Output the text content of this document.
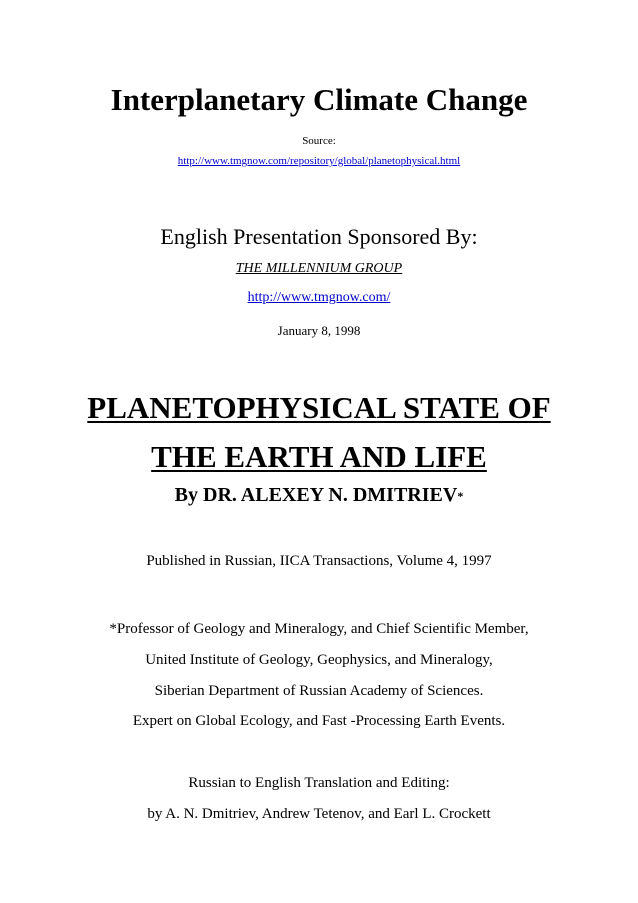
Interplanetary Climate Change
Source:
http://www.tmgnow.com/repository/global/planetophysical.html
English Presentation Sponsored By:
THE MILLENNIUM GROUP
http://www.tmgnow.com/
January 8, 1998
PLANETOPHYSICAL STATE OF
THE EARTH AND LIFE
By DR. ALEXEY N. DMITRIEV*
Published in Russian, IICA Transactions, Volume 4, 1997
*Professor of Geology and Mineralogy, and Chief Scientific Member,
United Institute of Geology, Geophysics, and Mineralogy,
Siberian Department of Russian Academy of Sciences.
Expert on Global Ecology, and Fast -Processing Earth Events.
Russian to English Translation and Editing:
by A. N. Dmitriev, Andrew Tetenov, and Earl L. Crockett
